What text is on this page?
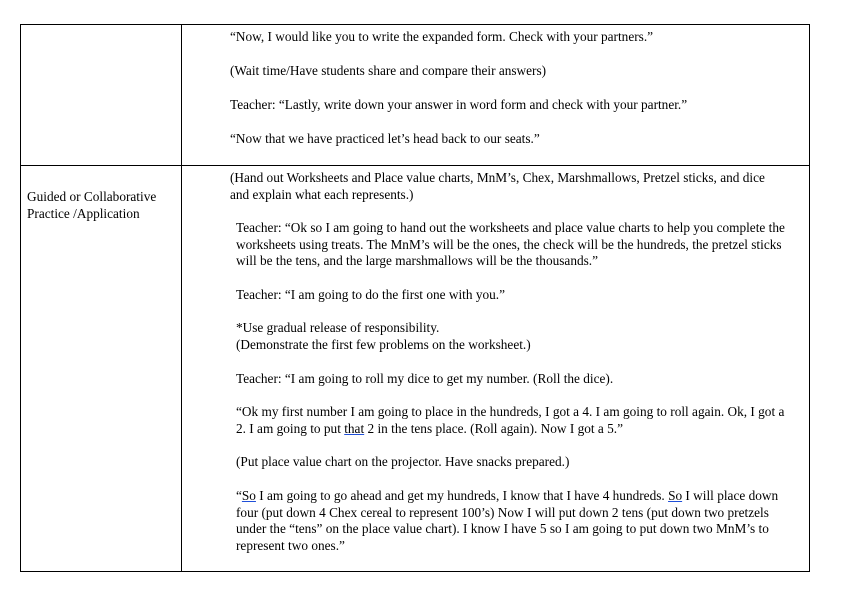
“Now, I would like you to write the expanded form. Check with your partners.”
(Wait time/Have students share and compare their answers)
Teacher: “Lastly, write down your answer in word form and check with your partner.”
“Now that we have practiced let’s head back to our seats.”
Guided or Collaborative
Practice /Application
(Hand out Worksheets and Place value charts, MnM’s, Chex, Marshmallows, Pretzel sticks, and dice
and explain what each represents.)
Teacher: “Ok so I am going to hand out the worksheets and place value charts to help you complete the
worksheets using treats. The MnM’s will be the ones, the check will be the hundreds, the pretzel sticks
will be the tens, and the large marshmallows will be the thousands.”
Teacher: “I am going to do the first one with you.”
*Use gradual release of responsibility.
(Demonstrate the first few problems on the worksheet.)
Teacher: “I am going to roll my dice to get my number. (Roll the dice).
“Ok my first number I am going to place in the hundreds, I got a 4. I am going to roll again. Ok, I got a
2. I am going to put that 2 in the tens place. (Roll again). Now I got a 5.”
(Put place value chart on the projector. Have snacks prepared.)
“So I am going to go ahead and get my hundreds, I know that I have 4 hundreds. So I will place down
four (put down 4 Chex cereal to represent 100’s) Now I will put down 2 tens (put down two pretzels
under the “tens” on the place value chart). I know I have 5 so I am going to put down two MnM’s to
represent two ones.”
